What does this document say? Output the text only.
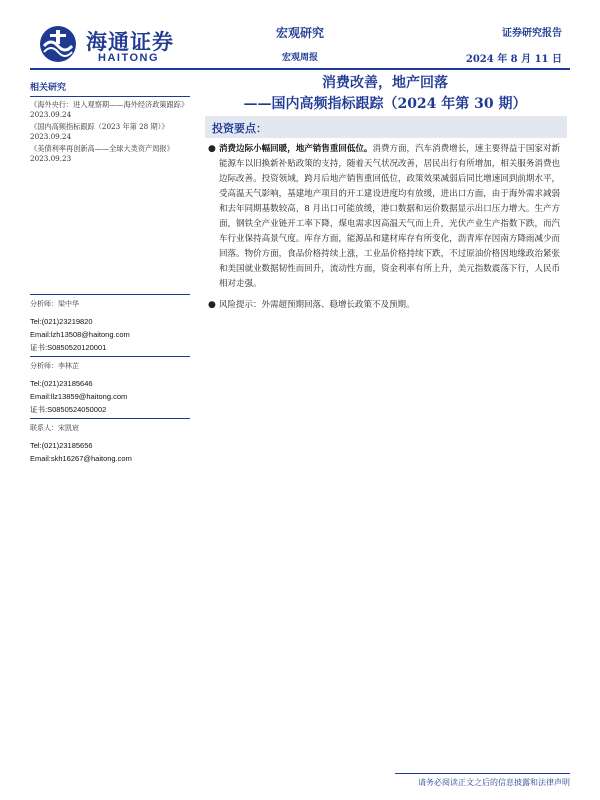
海通证券
HAITONG
宏观研究
宏观周报
证券研究报告
2024 年 8 月 11 日
相关研究
《海外央行：进入观察期——海外经济政策跟踪》2023.09.24
《国内高频指标跟踪（2023 年第 28 期）》2023.09.24
《美债利率再创新高——全球大类资产周报》2023.09.23
分析师：梁中华
Tel:(021)23219820
Email:lzh13508@haitong.com
证书:S0850520120001
分析师：李林芷
Tel:(021)23185646
Email:llz13859@haitong.com
证书:S0850524050002
联系人：宋凯宸
Tel:(021)23185656
Email:skh16267@haitong.com
消费改善，地产回落
——国内高频指标跟踪（2024 年第 30 期）
投资要点：
● 消费边际小幅回暖，地产销售重回低位。消费方面，汽车消费增长，速主要得益于国家对新能源车以旧换新补贴政策的支持，随着天气状况改善，居民出行有所增加，相关服务消费也边际改善。投资领域，跨月后地产销售重回低位，政策效果减弱后同比增速回到前期水平，受高温天气影响，基建地产项目的开工建设进度均有放缓，进出口方面，由于海外需求减弱和去年同期基数较高，8 月出口可能放缓，港口数据和运价数据显示出口压力增大。生产方面，钢铁全产业链开工率下降，煤电需求因高温天气而上升，光伏产业生产指数下跌，而汽车行业保持高景气度。库存方面，能源品和建材库存有所变化，沥青库存因南方降雨减少而回落。物价方面，食品价格持续上涨，工业品价格持续下跌，不过原油价格因地缘政治紧张和美国就业数据韧性而回升，流动性方面，资金利率有所上升，美元指数震荡下行，人民币相对走强。
● 风险提示：外需超预期回落、稳增长政策不及预期。
请务必阅读正文之后的信息披露和法律声明
